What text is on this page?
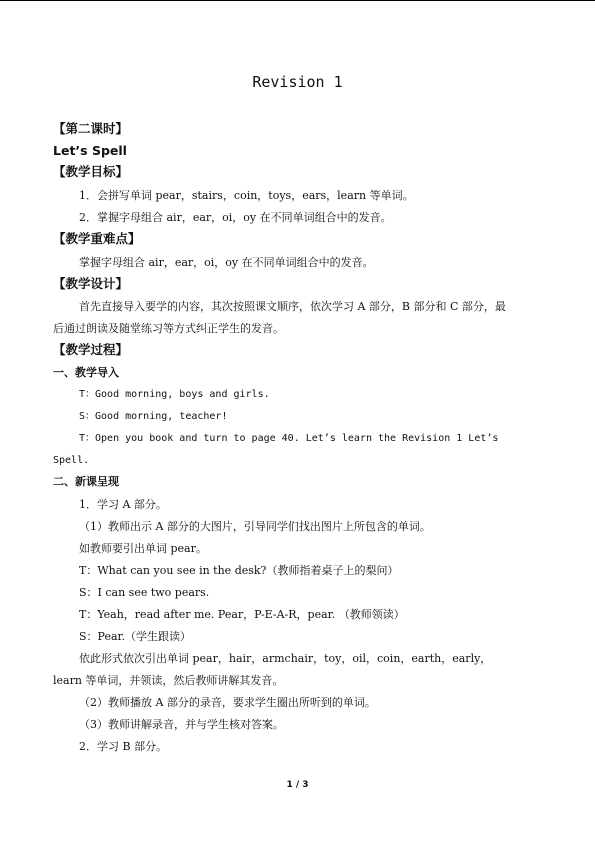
Revision 1
【第二课时】
Let’s Spell
【教学目标】
1．会拼写单词 pear，stairs，coin，toys，ears，learn 等单词。
2．掌握字母组合 air，ear，oi，oy 在不同单词组合中的发音。
【教学重难点】
掌握字母组合 air，ear，oi，oy 在不同单词组合中的发音。
【教学设计】
首先直接导入要学的内容，其次按照课文顺序，依次学习 A 部分，B 部分和 C 部分，最
后通过朗读及随堂练习等方式纠正学生的发音。
【教学过程】
一、教学导入
T：Good morning, boys and girls.
S：Good morning, teacher!
T：Open you book and turn to page 40. Let’s learn the Revision 1 Let’s
Spell.
二、新课呈现
1．学习 A 部分。
（1）教师出示 A 部分的大图片，引导同学们找出图片上所包含的单词。
如教师要引出单词 pear。
T：What can you see in the desk?（教师指着桌子上的梨问）
S：I can see two pears.
T：Yeah，read after me. Pear，P-E-A-R，pear. （教师领读）
S：Pear.（学生跟读）
依此形式依次引出单词 pear，hair，armchair，toy，oil，coin，earth，early，
learn 等单词，并领读，然后教师讲解其发音。
（2）教师播放 A 部分的录音，要求学生圈出所听到的单词。
（3）教师讲解录音，并与学生核对答案。
2．学习 B 部分。
1 / 3
